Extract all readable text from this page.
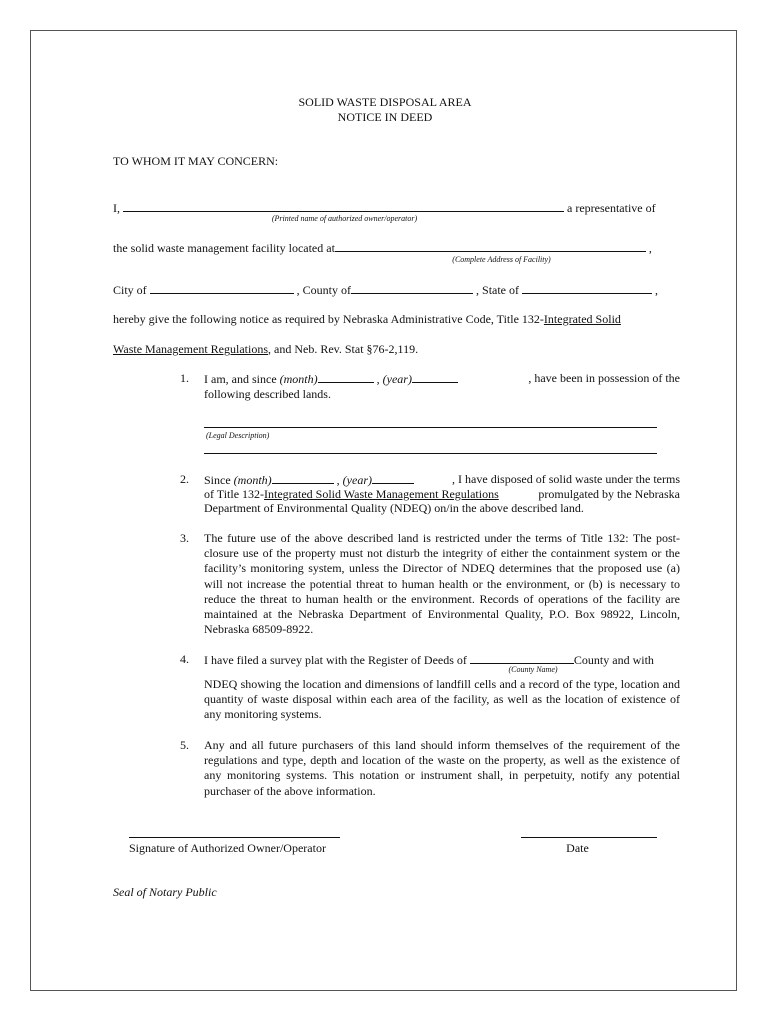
SOLID WASTE DISPOSAL AREA
NOTICE IN DEED
TO WHOM IT MAY CONCERN:
I,	a representative of
(Printed name of authorized owner/operator)
the solid waste management facility located at	,
(Complete Address of Facility)
City of	, County of	, State of	,
hereby give the following notice as required by Nebraska Administrative Code, Title 132-Integrated Solid
Waste Management Regulations, and Neb. Rev. Stat §76-2,119.
1. I am, and since (month)	, (year)	, have been in possession of the
following described lands.
(Legal Description)
2. Since (month)	, (year)	, I have disposed of solid waste under the terms
of Title 132-Integrated Solid Waste Management Regulations	promulgated by the Nebraska
Department of Environmental Quality (NDEQ) on/in the above described land.
3. The future use of the above described land is restricted under the terms of Title 132: The post-closure use of the property must not disturb the integrity of either the containment system or the facility’s monitoring system, unless the Director of NDEQ determines that the proposed use (a) will not increase the potential threat to human health or the environment, or (b) is necessary to reduce the threat to human health or the environment. Records of operations of the facility are maintained at the Nebraska Department of Environmental Quality, P.O. Box 98922, Lincoln, Nebraska 68509-8922.
4. I have filed a survey plat with the Register of Deeds of	County and with
(County Name)
NDEQ showing the location and dimensions of landfill cells and a record of the type, location and quantity of waste disposal within each area of the facility, as well as the location of existence of any monitoring systems.
5. Any and all future purchasers of this land should inform themselves of the requirement of the regulations and type, depth and location of the waste on the property, as well as the existence of any monitoring systems. This notation or instrument shall, in perpetuity, notify any potential purchaser of the above information.
Signature of Authorized Owner/Operator	Date
Seal of Notary Public
